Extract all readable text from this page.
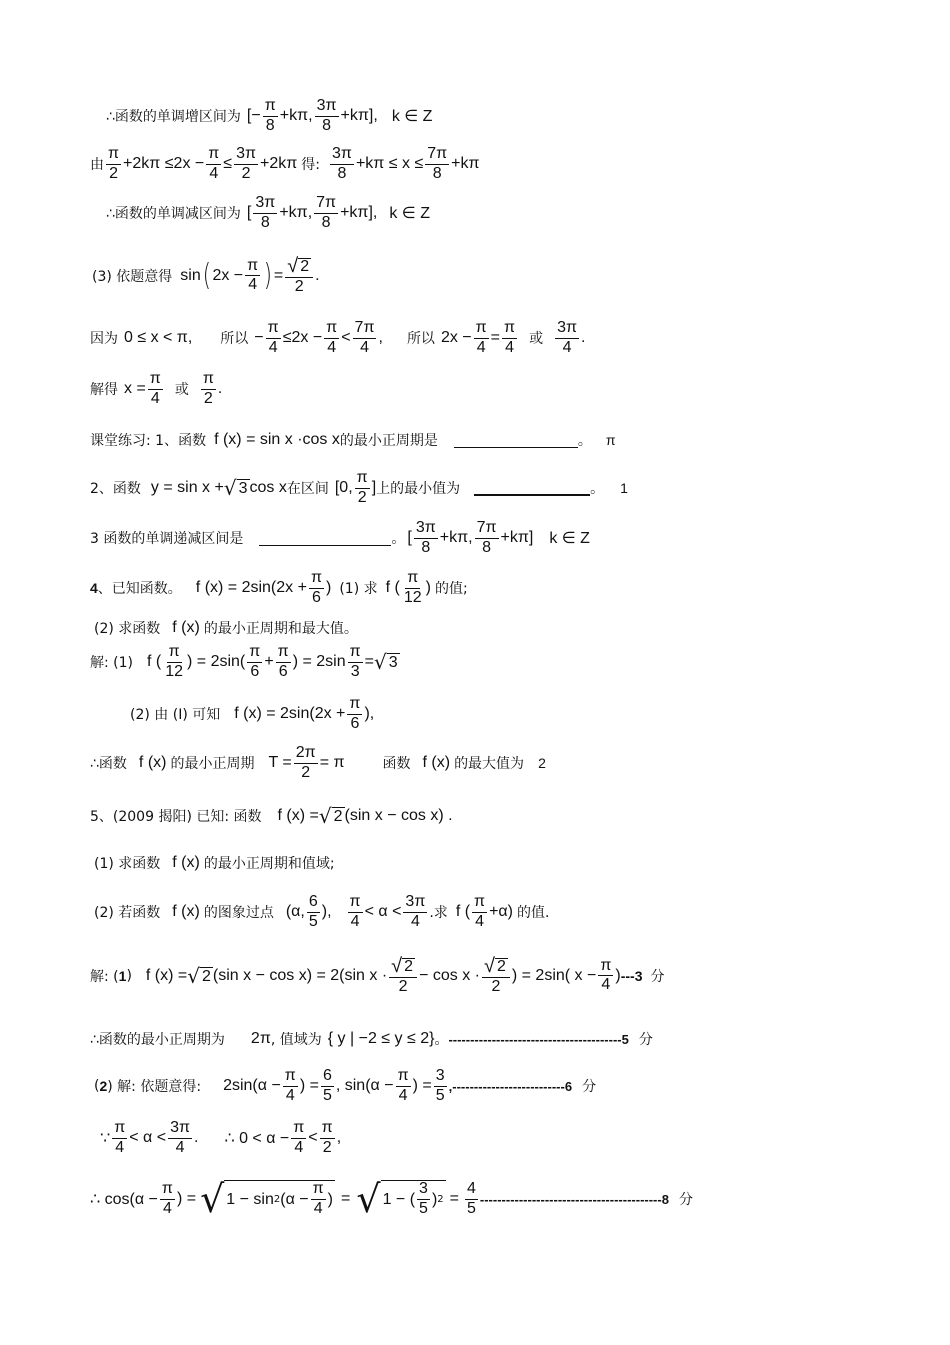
∴函数的单调增区间为 [− $\frac{\pi}{8} +k\pi$, $\frac{3\pi}{8} +k\pi$], k ∈ Z
由 $\frac{\pi}{2} +2k\pi \le 2x - \frac{\pi}{4} \le \frac{3\pi}{2} +2k\pi$ 得: $\frac{3\pi}{8} +k\pi \le x \le \frac{7\pi}{8} +k\pi$
∴函数的单调减区间为 [ $\frac{3\pi}{8} +k\pi$, $\frac{7\pi}{8} +k\pi$], k ∈ Z
(3) 依题意得 sin ( $2x - \frac{\pi}{4}$ ) = $\frac{√ 2}{2}$ .
因为 0 ≤ x < π, 所以 − $\frac{\pi}{4} \le 2x - \frac{\pi}{4} < \frac{7\pi}{4}$ , 所以 $2x - \frac{\pi}{4} = \frac{\pi}{4}$ 或 $\frac{3\pi}{4}$ .
解得 $x = \frac{\pi}{4}$ 或 $\frac{\pi}{2}$ .
课堂练习: 1、函数 f (x) = sin x ·cos x 的最小正周期是	。 π
2、函数 y = sin x + √ 3 cos x 在区间 [0, $\frac{\pi}{2}$ ] 上的最小值为	。 1
3 函数的单调递减区间是	。 [ $\frac{3\pi}{8} +k\pi$, $\frac{7\pi}{8} +k\pi$] k ∈ Z
4 、已知函数。 f $(x) = 2\sin(2x + \frac{\pi}{6}$ ) (1) 求 f ( $\frac{\pi}{12}$ ) 的值;
(2) 求函数 f (x) 的最小正周期和最大值。
解: (1) f ( $\frac{\pi}{12}$ ) = $2\sin( \frac{\pi}{6} + \frac{\pi}{6}$ ) = $2\sin \frac{\pi}{3}$ = √ 3
(2) 由 (Ⅰ) 可知 f $(x) = 2\sin(2x + \frac{\pi}{6}$ ),
∴函数 f (x) 的最小正周期 $T = \frac{2\pi}{2} = \pi$	函数 f (x) 的最大值为 2
5、(2009 揭阳) 已知: 函数 f (x) = √ 2 (sin x − cos x) .
(1) 求函数 f (x) 的最小正周期和值域;
(2) 若函数 f (x) 的图象过点 (α, $\frac{6}{5}$ ), $\frac{\pi}{4} < \alpha < \frac{3\pi}{4}$ .求 f ( $\frac{\pi}{4} +\alpha$) 的值.
解: ( 1 ) f (x) = √ 2 (sin x − cos x) = 2(sin $x \cdot \frac{√ 2}{2} - \cos x \cdot \frac{√ 2}{2}$ ) = 2sin( $x - \frac{\pi}{4}$ ) ---3 分
∴函数的最小正周期为 2π , 值域为 { y | −2 ≤ y ≤ 2} 。 ----------------------------------------5 分
( 2 ) 解: 依题意得: $2\sin(\alpha - \frac{\pi}{4}$ ) = $\frac{6}{5}$ , $\sin(\alpha - \frac{\pi}{4}$ ) = $\frac{3}{5} ,--------------------------6$ 分
∵ $\frac{\pi}{4} < \alpha < \frac{3\pi}{4}$ . ∴ $0 < \alpha - \frac{\pi}{4} < \frac{\pi}{2}$ ,
∴ $\cos(\alpha - \frac{\pi}{4}$ ) = √ 1 − sin 2 ($\alpha - \frac{\pi}{4}$ ) = √ 1 − ( $\frac{3}{5}$ ) $2 = \frac{4}{5} ------------------------------------------8$ 分
